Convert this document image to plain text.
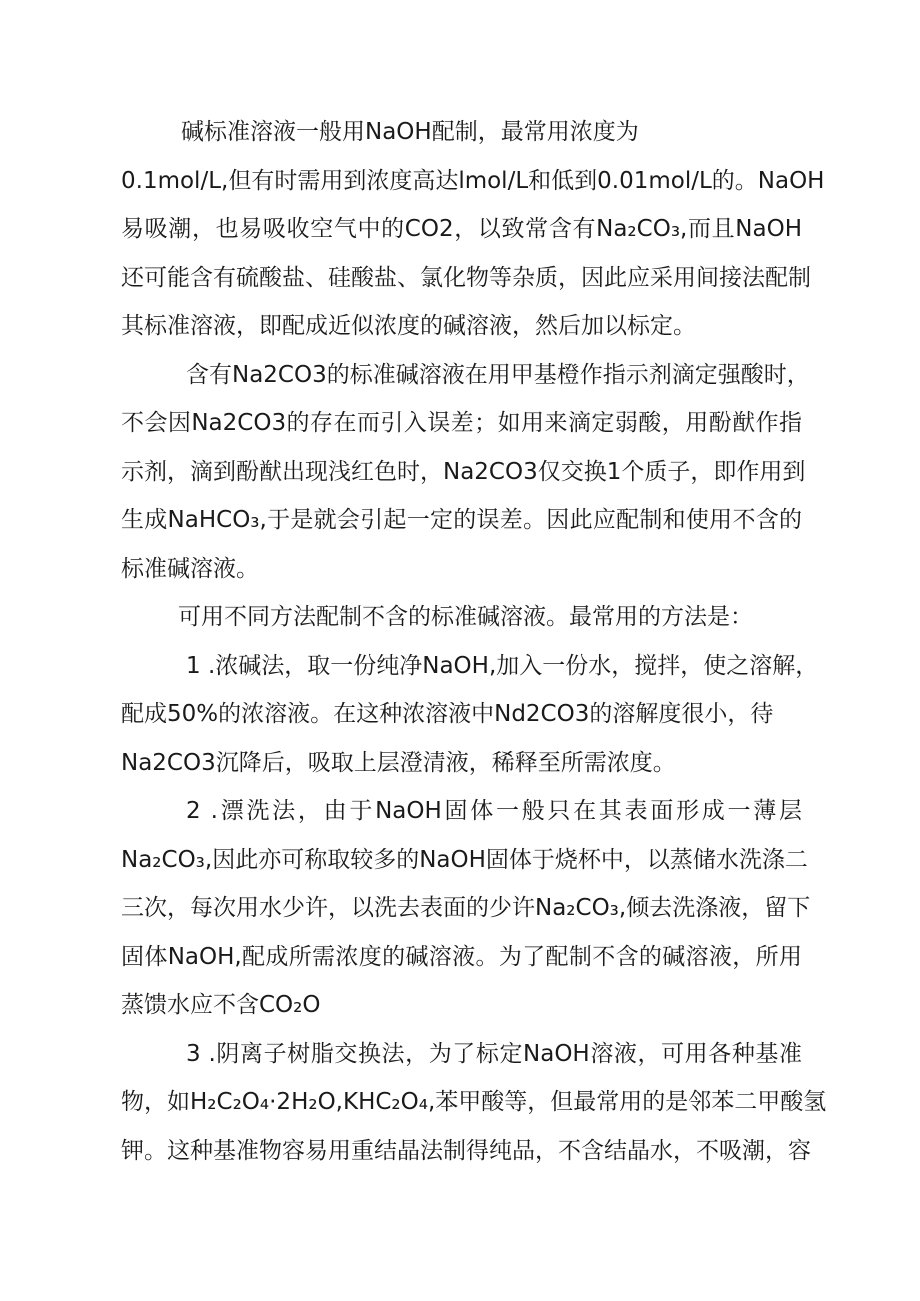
碱标准溶液一般用NaOH配制，最常用浓度为

0.1mol/L,但有时需用到浓度高达lmol/L和低到0.01mol/L的。NaOH

易吸潮，也易吸收空气中的CO2，以致常含有Na₂CO₃,而且NaOH

还可能含有硫酸盐、硅酸盐、氯化物等杂质，因此应采用间接法配制

其标准溶液，即配成近似浓度的碱溶液，然后加以标定。

含有Na2CO3的标准碱溶液在用甲基橙作指示剂滴定强酸时，

不会因Na2CO3的存在而引入误差；如用来滴定弱酸，用酚猷作指

示剂，滴到酚猷出现浅红色时，Na2CO3仅交换1个质子，即作用到

生成NaHCO₃,于是就会引起一定的误差。因此应配制和使用不含的

标准碱溶液。

可用不同方法配制不含的标准碱溶液。最常用的方法是：

1 .浓碱法，取一份纯净NaOH,加入一份水，搅拌，使之溶解，

配成50%的浓溶液。在这种浓溶液中Nd2CO3的溶解度很小，待

Na2CO3沉降后，吸取上层澄清液，稀释至所需浓度。

2 .漂洗法，由于NaOH固体一般只在其表面形成一薄层

Na₂CO₃,因此亦可称取较多的NaOH固体于烧杯中，以蒸储水洗涤二

三次，每次用水少许，以洗去表面的少许Na₂CO₃,倾去洗涤液，留下

固体NaOH,配成所需浓度的碱溶液。为了配制不含的碱溶液，所用

蒸馈水应不含CO₂O

3 .阴离子树脂交换法，为了标定NaOH溶液，可用各种基准

物，如H₂C₂O₄·2H₂O,KHC₂O₄,苯甲酸等，但最常用的是邻苯二甲酸氢

钾。这种基准物容易用重结晶法制得纯品，不含结晶水，不吸潮，容
